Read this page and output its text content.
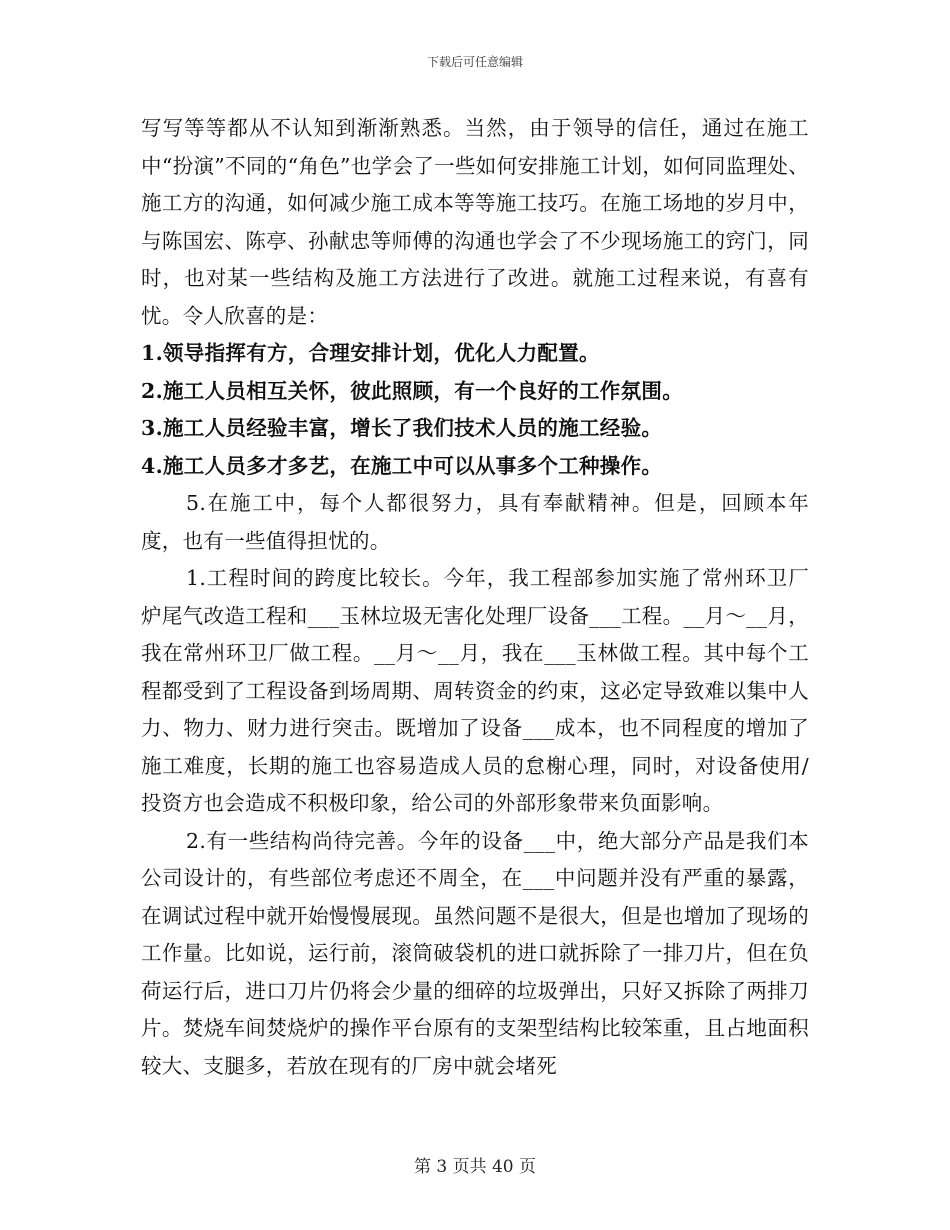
下载后可任意编辑

写写等等都从不认知到渐渐熟悉。当然，由于领导的信任，通过在施工中“扮演”不同的“角色”也学会了一些如何安排施工计划，如何同监理处、施工方的沟通，如何减少施工成本等等施工技巧。在施工场地的岁月中，与陈国宏、陈亭、孙献忠等师傅的沟通也学会了不少现场施工的窍门，同时，也对某一些结构及施工方法进行了改进。就施工过程来说，有喜有忧。令人欣喜的是：

1.领导指挥有方，合理安排计划，优化人力配置。

2.施工人员相互关怀，彼此照顾，有一个良好的工作氛围。

3.施工人员经验丰富，增长了我们技术人员的施工经验。

4.施工人员多才多艺，在施工中可以从事多个工种操作。

5.在施工中，每个人都很努力，具有奉献精神。但是，回顾本年度，也有一些值得担忧的。

1.工程时间的跨度比较长。今年，我工程部参加实施了常州环卫厂炉尾气改造工程和___玉林垃圾无害化处理厂设备___工程。__月～__月，我在常州环卫厂做工程。__月～__月，我在___玉林做工程。其中每个工程都受到了工程设备到场周期、周转资金的约束，这必定导致难以集中人力、物力、财力进行突击。既增加了设备___成本，也不同程度的增加了施工难度，长期的施工也容易造成人员的怠榭心理，同时，对设备使用/投资方也会造成不积极印象，给公司的外部形象带来负面影响。

2.有一些结构尚待完善。今年的设备___中，绝大部分产品是我们本公司设计的，有些部位考虑还不周全，在___中问题并没有严重的暴露，在调试过程中就开始慢慢展现。虽然问题不是很大，但是也增加了现场的工作量。比如说，运行前，滚筒破袋机的进口就拆除了一排刀片，但在负荷运行后，进口刀片仍将会少量的细碎的垃圾弹出，只好又拆除了两排刀片。焚烧车间焚烧炉的操作平台原有的支架型结构比较笨重，且占地面积较大、支腿多，若放在现有的厂房中就会堵死

第 3 页共 40 页
